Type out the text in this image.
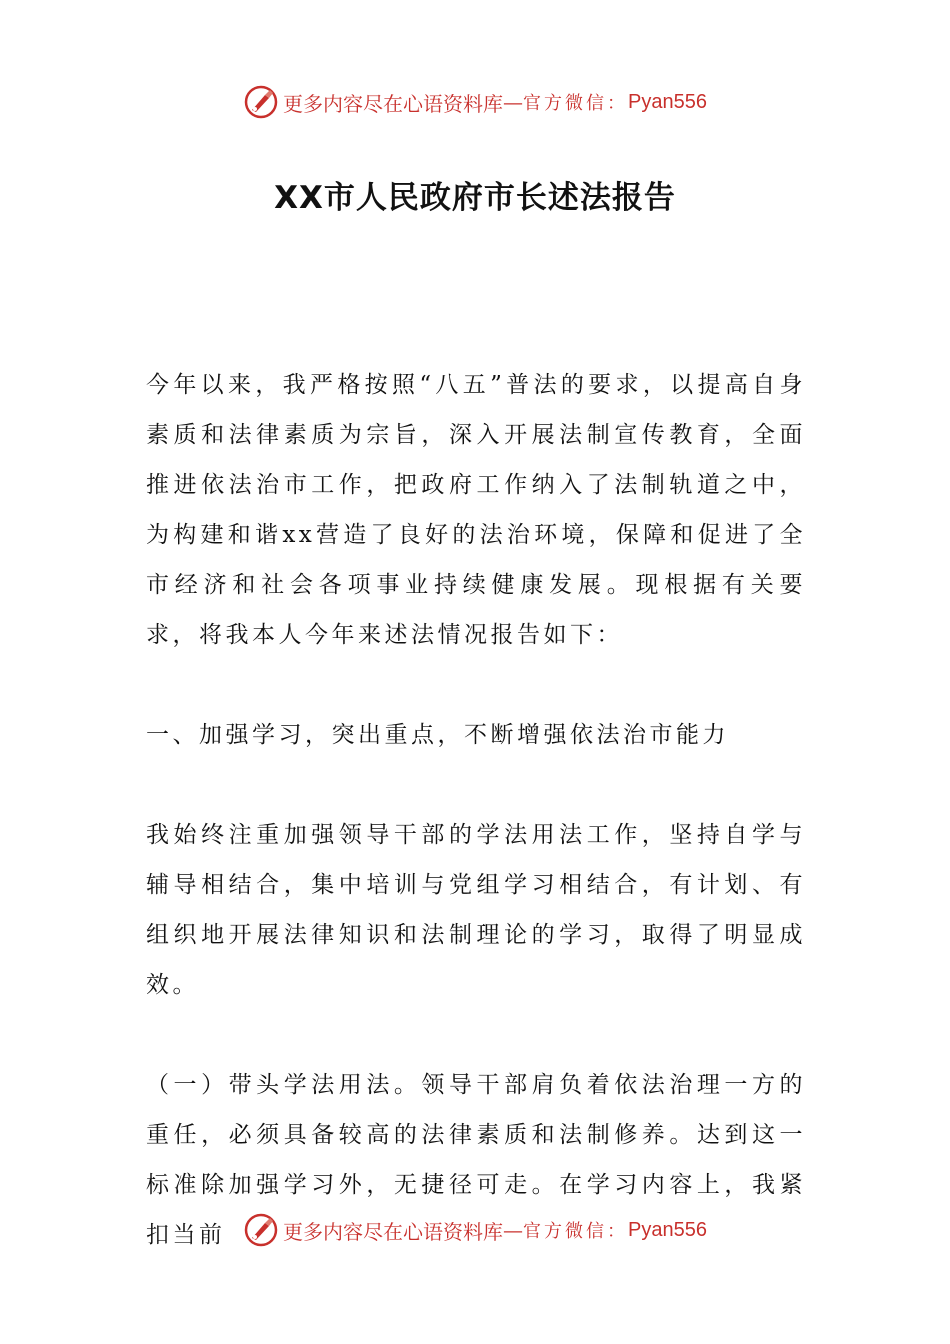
更多内容尽在心语资料库 — 官方微信： Pyan556
XX市人民政府市长述法报告

今年以来，我严格按照“八五”普法的要求，以提高自身素质和法律素质为宗旨，深入开展法制宣传教育，全面推进依法治市工作，把政府工作纳入了法制轨道之中，为构建和谐xx营造了良好的法治环境，保障和促进了全市经济和社会各项事业持续健康发展。现根据有关要求，将我本人今年来述法情况报告如下：

一、加强学习，突出重点，不断增强依法治市能力

我始终注重加强领导干部的学法用法工作，坚持自学与辅导相结合，集中培训与党组学习相结合，有计划、有组织地开展法律知识和法制理论的学习，取得了明显成效。

（一）带头学法用法。领导干部肩负着依法治理一方的重任，必须具备较高的法律素质和法制修养。达到这一标准除加强学习外，无捷径可走。在学习内容上，我紧扣当前	更多内容尽在心语资料库 — 官方微信： Pyan556
